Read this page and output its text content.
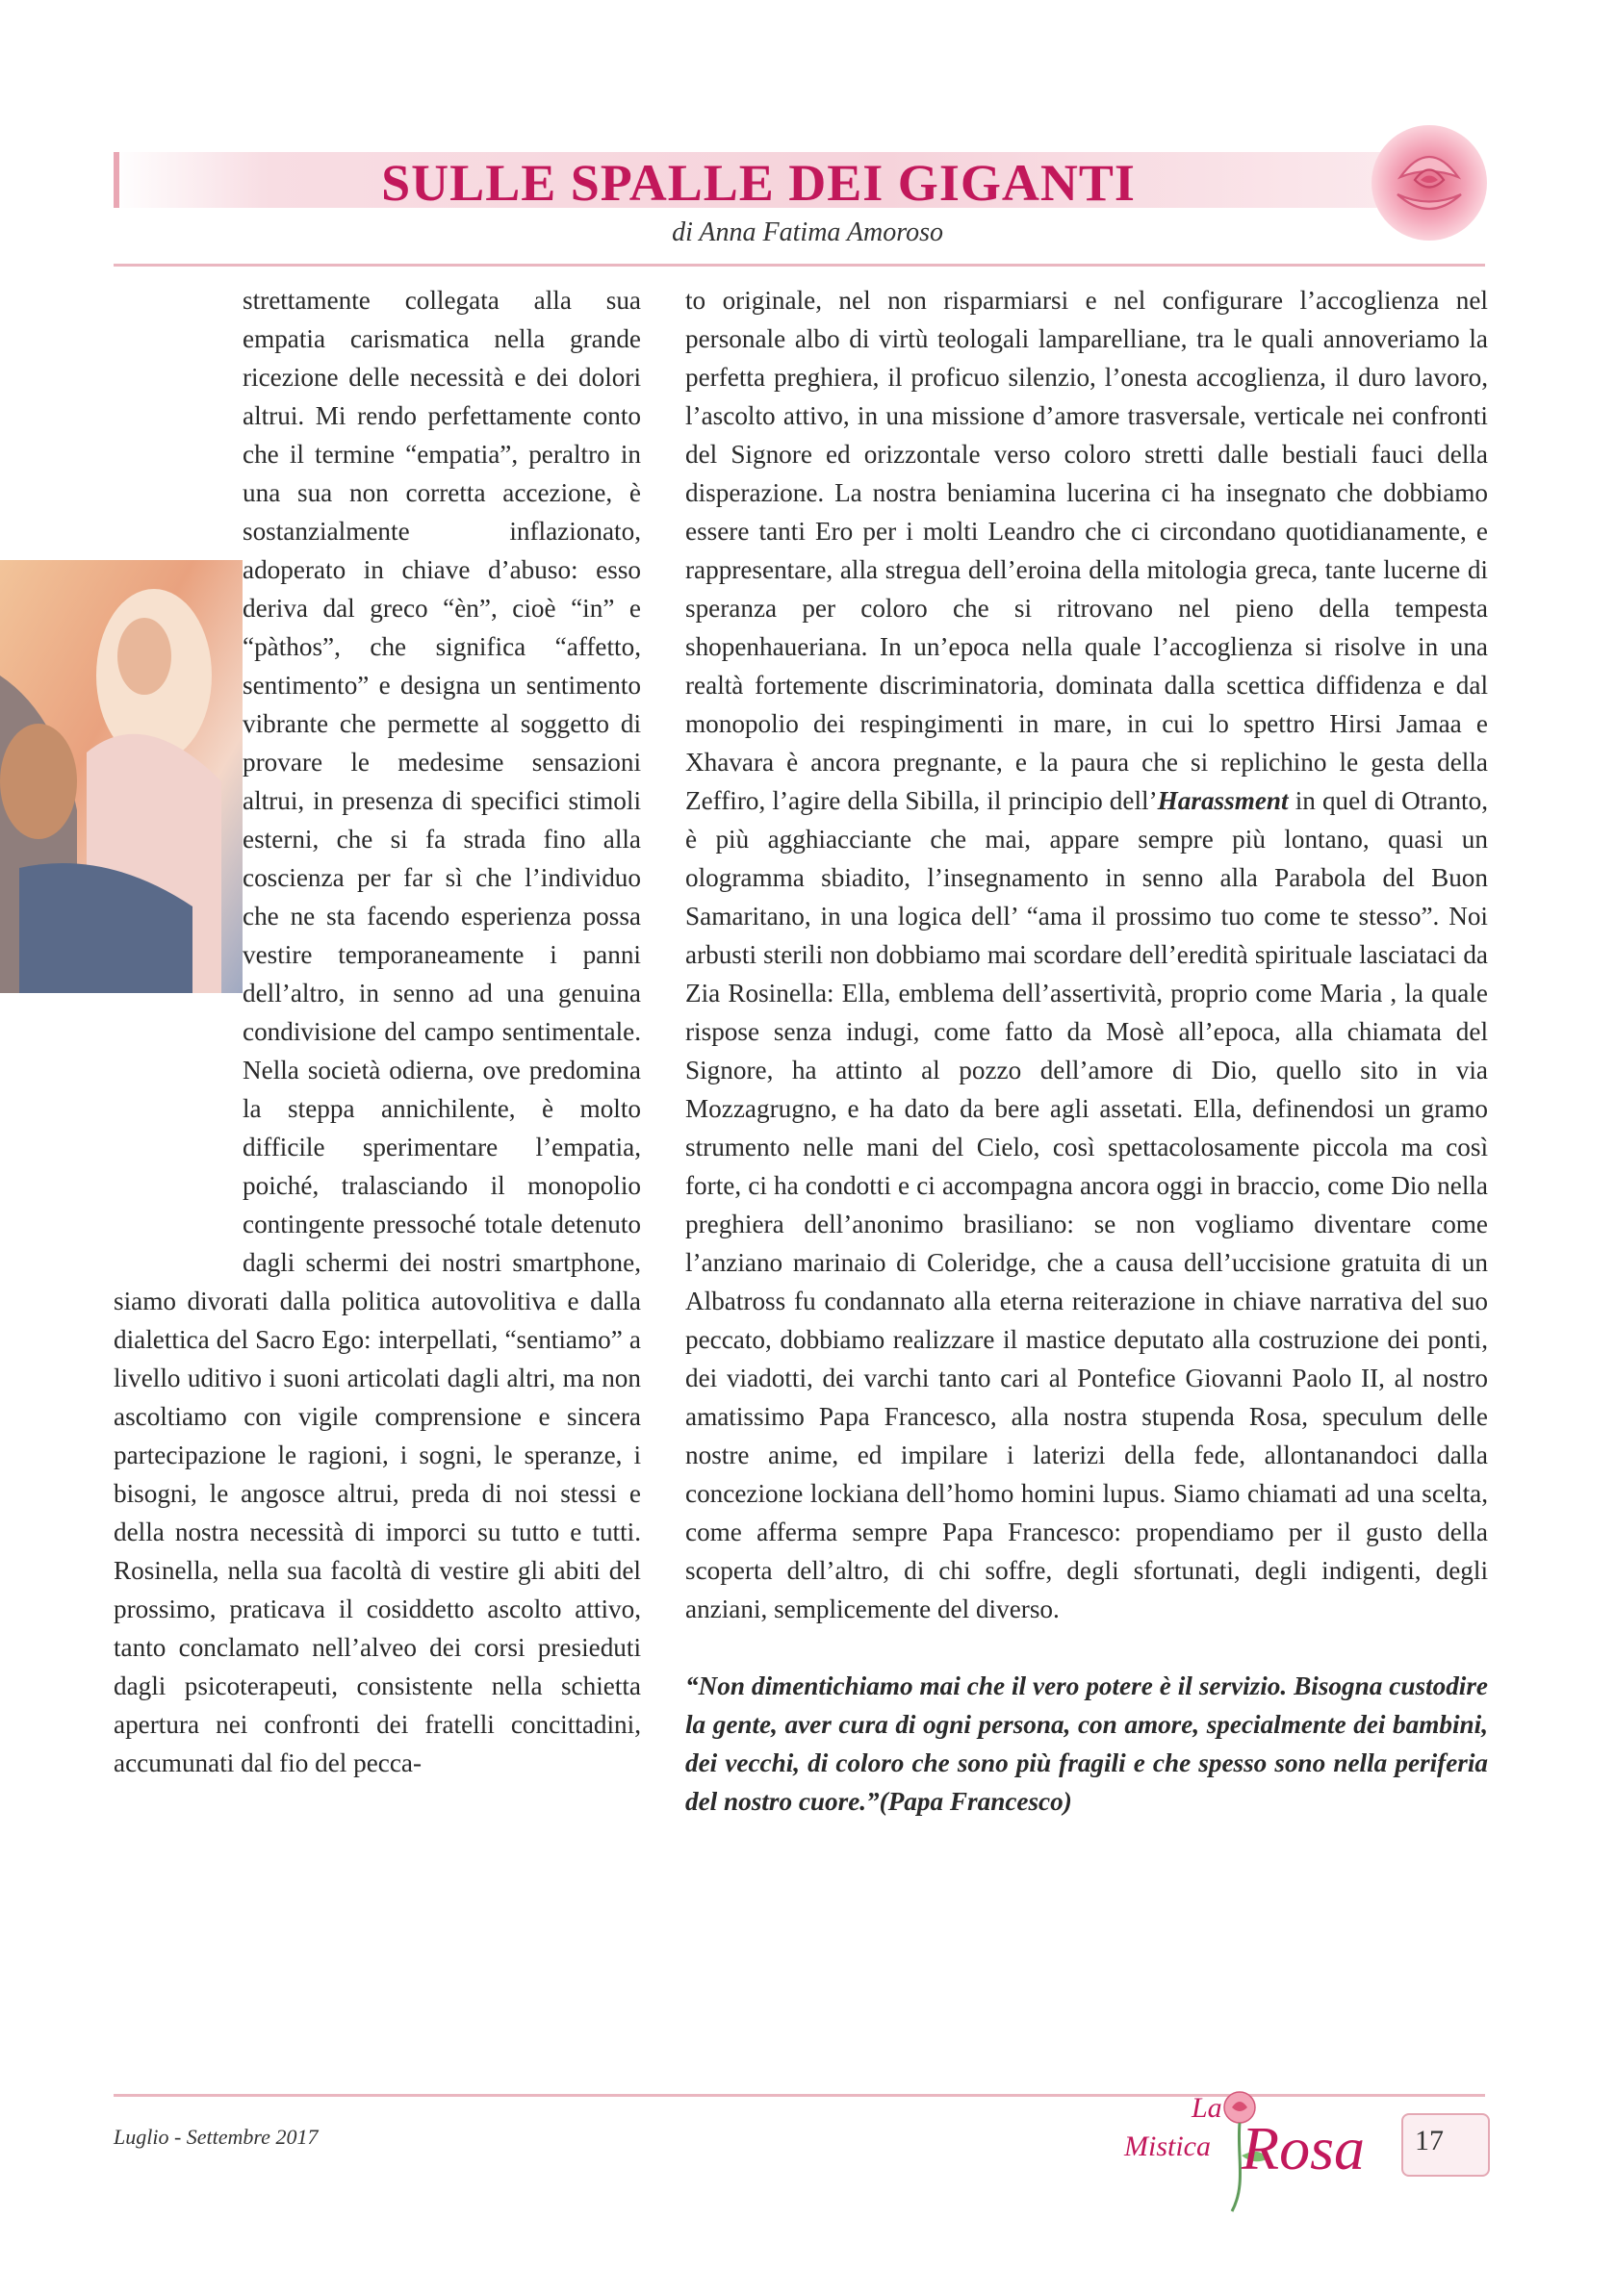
SULLE SPALLE DEI GIGANTI

di Anna Fatima Amoroso

strettamente collegata alla sua empatia carismatica nella grande ricezione delle necessità e dei dolori altrui. Mi rendo perfettamente conto che il termine “empatia”, peraltro in una sua non corretta accezione, è sostanzialmente inflazionato, adoperato in chiave d’abuso: esso deriva dal greco “èn”, cioè “in” e “pàthos”, che significa “affetto, sentimento” e designa un sentimento vibrante che permette al soggetto di provare le medesime sensazioni altrui, in presenza di specifici stimoli esterni, che si fa strada fino alla coscienza per far sì che l’individuo che ne sta facendo esperienza possa vestire temporaneamente i panni dell’altro, in senno ad una genuina condivisione del campo sentimentale. Nella società odierna, ove predomina la steppa annichilente, è molto difficile sperimentare l’empatia, poiché, tralasciando il monopolio contingente pressoché totale detenuto dagli schermi dei nostri smartphone, siamo divorati dalla politica autovolitiva e dalla dialettica del Sacro Ego: interpellati, “sentiamo” a livello uditivo i suoni articolati dagli altri, ma non ascoltiamo con vigile comprensione e sincera partecipazione le ragioni, i sogni, le speranze, i bisogni, le angosce altrui, preda di noi stessi e della nostra necessità di imporci su tutto e tutti. Rosinella, nella sua facoltà di vestire gli abiti del prossimo, praticava il cosiddetto ascolto attivo, tanto conclamato nell’alveo dei corsi presieduti dagli psicoterapeuti, consistente nella schietta apertura nei confronti dei fratelli concittadini, accumunati dal fio del pecca-

to originale, nel non risparmiarsi e nel configurare l’accoglienza nel personale albo di virtù teologali lamparelliane, tra le quali annoveriamo la perfetta preghiera, il proficuo silenzio, l’onesta accoglienza, il duro lavoro, l’ascolto attivo, in una missione d’amore trasversale, verticale nei confronti del Signore ed orizzontale verso coloro stretti dalle bestiali fauci della disperazione. La nostra beniamina lucerina ci ha insegnato che dobbiamo essere tanti Ero per i molti Leandro che ci circondano quotidianamente, e rappresentare, alla stregua dell’eroina della mitologia greca, tante lucerne di speranza per coloro che si ritrovano nel pieno della tempesta shopenhaueriana. In un’epoca nella quale l’accoglienza si risolve in una realtà fortemente discriminatoria, dominata dalla scettica diffidenza e dal monopolio dei respingimenti in mare, in cui lo spettro Hirsi Jamaa e Xhavara è ancora pregnante, e la paura che si replichino le gesta della Zeffiro, l’agire della Sibilla, il principio dell’Harassment in quel di Otranto, è più agghiacciante che mai, appare sempre più lontano, quasi un ologramma sbiadito, l’insegnamento in senno alla Parabola del Buon Samaritano, in una logica dell’ “ama il prossimo tuo come te stesso”. Noi arbusti sterili non dobbiamo mai scordare dell’eredità spirituale lasciataci da Zia Rosinella: Ella, emblema dell’assertività, proprio come Maria , la quale rispose senza indugi, come fatto da Mosè all’epoca, alla chiamata del Signore, ha attinto al pozzo dell’amore di Dio, quello sito in via Mozzagrugno, e ha dato da bere agli assetati. Ella, definendosi un gramo strumento nelle mani del Cielo, così spettacolosamente piccola ma così forte, ci ha condotti e ci accompagna ancora oggi in braccio, come Dio nella preghiera dell’anonimo brasiliano: se non vogliamo diventare come l’anziano marinaio di Coleridge, che a causa dell’uccisione gratuita di un Albatross fu condannato alla eterna reiterazione in chiave narrativa del suo peccato, dobbiamo realizzare il mastice deputato alla costruzione dei ponti, dei viadotti, dei varchi tanto cari al Pontefice Giovanni Paolo II, al nostro amatissimo Papa Francesco, alla nostra stupenda Rosa, speculum delle nostre anime, ed impilare i laterizi della fede, allontanandoci dalla concezione lockiana dell’homo homini lupus. Siamo chiamati ad una scelta, come afferma sempre Papa Francesco: propendiamo per il gusto della scoperta dell’altro, di chi soffre, degli sfortunati, degli indigenti, degli anziani, semplicemente del diverso.

“Non dimentichiamo mai che il vero potere è il servizio. Bisogna custodire la gente, aver cura di ogni persona, con amore, specialmente dei bambini, dei vecchi, di coloro che sono più fragili e che spesso sono nella periferia del nostro cuore.”(Papa Francesco)

Luglio - Settembre 2017
La
Mistica Rosa 17
